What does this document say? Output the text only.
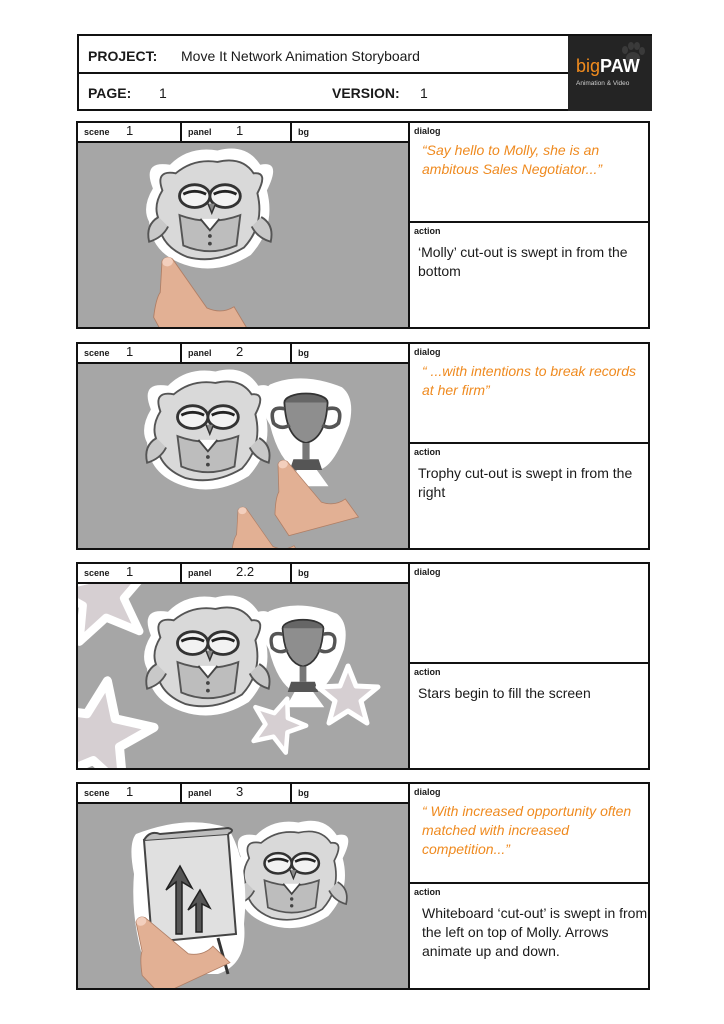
PROJECT: Move It Network Animation Storyboard
PAGE: 1	VERSION: 1
bigPAW
Animation & Video
scene 1	panel 1	bg	dialog
“Say hello to Molly, she is an ambitous Sales Negotiator...”
action
‘Molly’ cut-out is swept in from the bottom
scene 1	panel 2	bg	dialog
“ ...with intentions to break records at her firm”
action
Trophy cut-out is swept in from the right
scene 1	panel 2.2	bg	dialog
action
Stars begin to fill the screen
scene 1	panel 3	bg	dialog
“ With increased opportunity often matched with increased competition...”
action
Whiteboard ‘cut-out’ is swept in from the left on top of Molly. Arrows animate up and down.
